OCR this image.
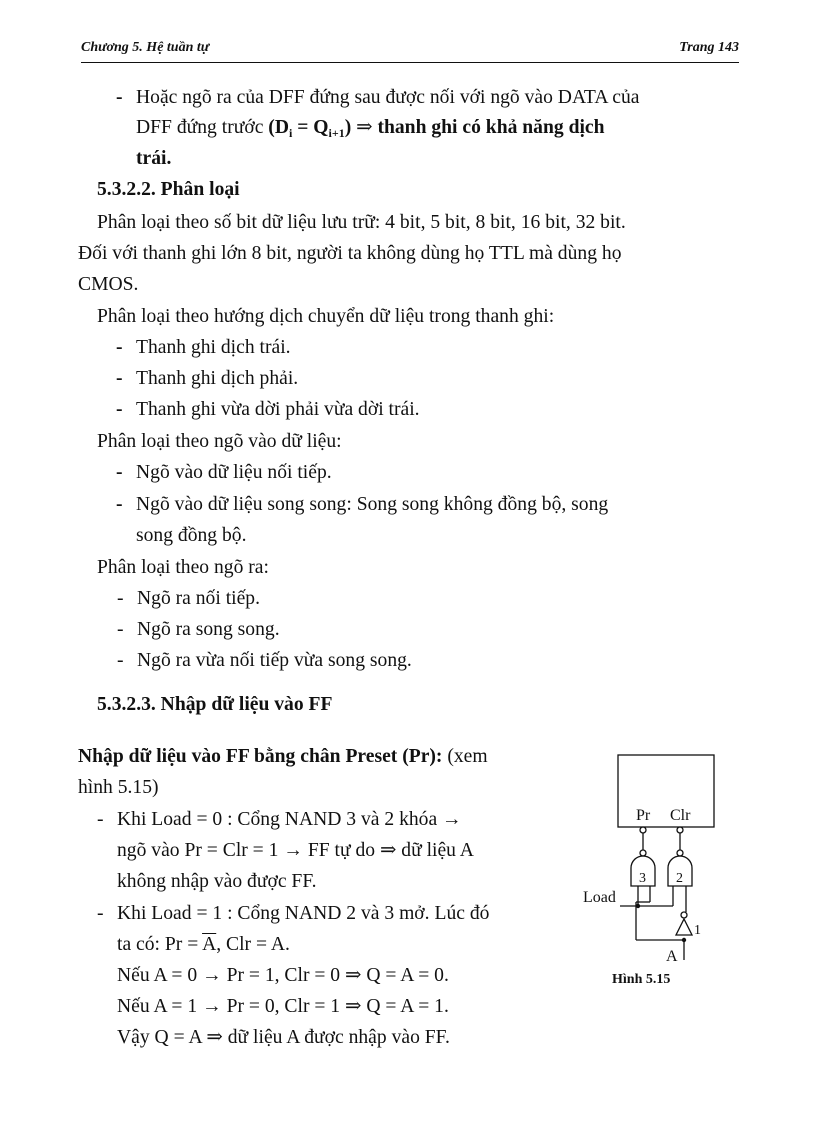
Chương 5. Hệ tuần tự	Trang 143
- Hoặc ngõ ra của DFF đứng sau được nối với ngõ vào DATA của
DFF đứng trước $(D_i = Q_{i+1})$ ⇒ thanh ghi có khả năng dịch
trái.
5.3.2.2. Phân loại
Phân loại theo số bit dữ liệu lưu trữ: 4 bit, 5 bit, 8 bit, 16 bit, 32 bit.
Đối với thanh ghi lớn 8 bit, người ta không dùng họ TTL mà dùng họ
CMOS.
Phân loại theo hướng dịch chuyển dữ liệu trong thanh ghi:
- Thanh ghi dịch trái.
- Thanh ghi dịch phải.
- Thanh ghi vừa dời phải vừa dời trái.
Phân loại theo ngõ vào dữ liệu:
- Ngõ vào dữ liệu nối tiếp.
- Ngõ vào dữ liệu song song: Song song không đồng bộ, song
song đồng bộ.
Phân loại theo ngõ ra:
- Ngõ ra nối tiếp.
- Ngõ ra song song.
- Ngõ ra vừa nối tiếp vừa song song.
5.3.2.3. Nhập dữ liệu vào FF
Nhập dữ liệu vào FF bằng chân Preset (Pr): (xem
hình 5.15)
- Khi Load = 0 : Cổng NAND 3 và 2 khóa →
ngõ vào Pr = Clr = 1 → FF tự do ⇒ dữ liệu A
không nhập vào được FF.
- Khi Load = 1 : Cổng NAND 2 và 3 mở. Lúc đó
ta có: $Pr = \overline{A}$, Clr = A.
Nếu A = 0 → Pr = 1, Clr = 0 ⇒ Q = A = 0.
Nếu A = 1 → Pr = 0, Clr = 1 ⇒ Q = A = 1.
Vậy Q = A ⇒ dữ liệu A được nhập vào FF.
Pr Clr
3 2
Load
1
A
Hình 5.15
